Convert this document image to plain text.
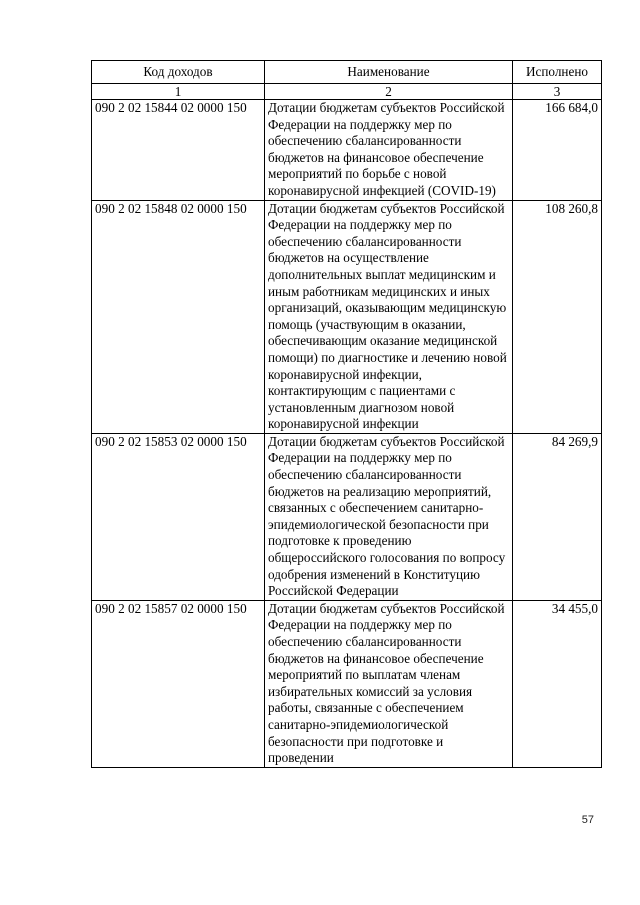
Код доходов	Наименование	Исполнено
1	2	3
090 2 02 15844 02 0000 150	Дотации бюджетам субъектов Российской Федерации на поддержку мер по обеспечению сбалансированности бюджетов на финансовое обеспечение мероприятий по борьбе с новой коронавирусной инфекцией (COVID-19)	166 684,0
090 2 02 15848 02 0000 150	Дотации бюджетам субъектов Российской Федерации на поддержку мер по обеспечению сбалансированности бюджетов на осуществление дополнительных выплат медицинским и иным работникам медицинских и иных организаций, оказывающим медицинскую помощь (участвующим в оказании, обеспечивающим оказание медицинской помощи) по диагностике и лечению новой коронавирусной инфекции, контактирующим с пациентами с установленным диагнозом новой коронавирусной инфекции	108 260,8
090 2 02 15853 02 0000 150	Дотации бюджетам субъектов Российской Федерации на поддержку мер по обеспечению сбалансированности бюджетов на реализацию мероприятий, связанных с обеспечением санитарно-эпидемиологической безопасности при подготовке к проведению общероссийского голосования по вопросу одобрения изменений в Конституцию Российской Федерации	84 269,9
090 2 02 15857 02 0000 150	Дотации бюджетам субъектов Российской Федерации на поддержку мер по обеспечению сбалансированности бюджетов на финансовое обеспечение мероприятий по выплатам членам избирательных комиссий за условия работы, связанные с обеспечением санитарно-эпидемиологической безопасности при подготовке и проведении	34 455,0
57
